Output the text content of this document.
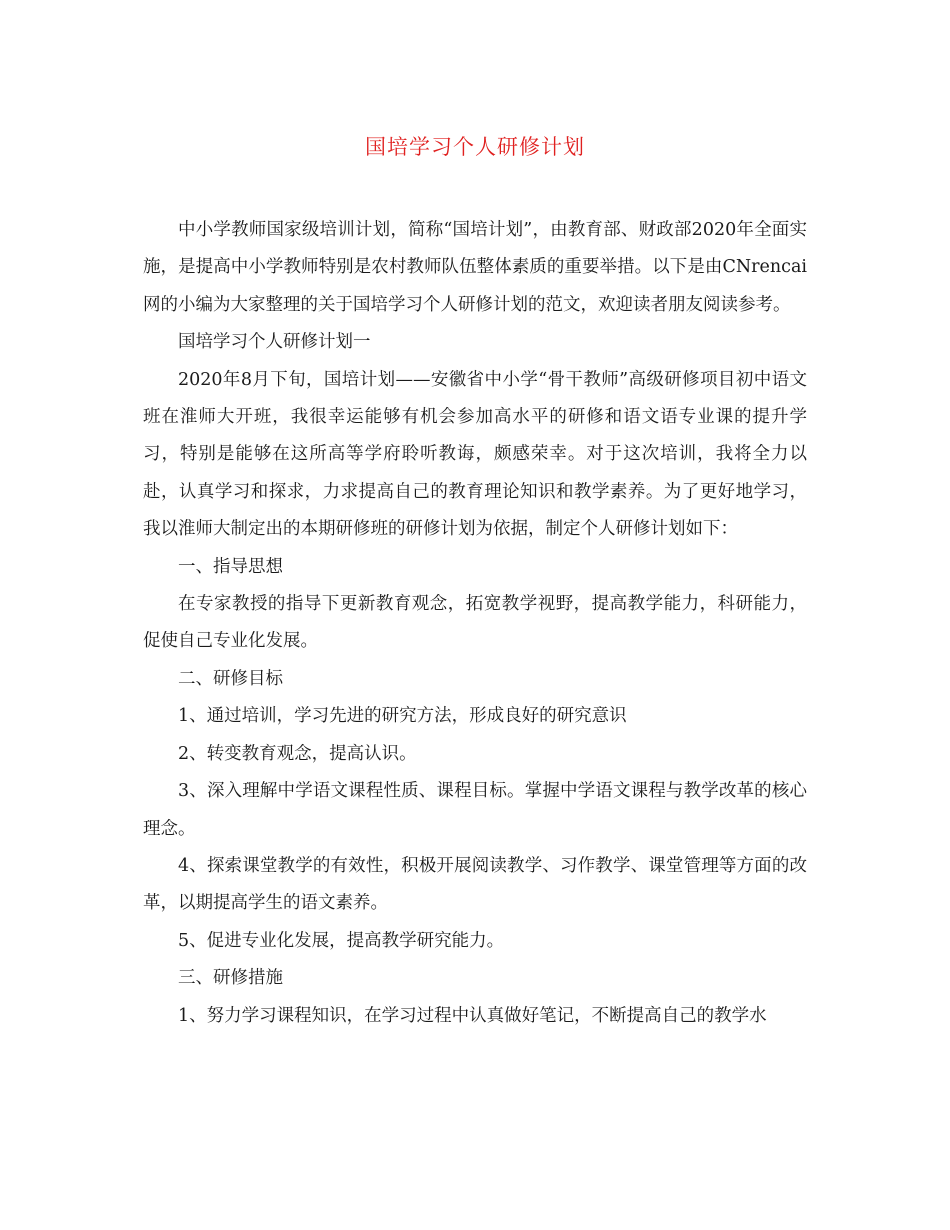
国培学习个人研修计划

中小学教师国家级培训计划，简称“国培计划”，由教育部、财政部2020年全面实施，是提高中小学教师特别是农村教师队伍整体素质的重要举措。以下是由CNrencai网的小编为大家整理的关于国培学习个人研修计划的范文，欢迎读者朋友阅读参考。

国培学习个人研修计划一

2020年8月下旬，国培计划——安徽省中小学“骨干教师”高级研修项目初中语文班在淮师大开班，我很幸运能够有机会参加高水平的研修和语文语专业课的提升学习，特别是能够在这所高等学府聆听教诲，颇感荣幸。对于这次培训，我将全力以赴，认真学习和探求，力求提高自己的教育理论知识和教学素养。为了更好地学习，我以淮师大制定出的本期研修班的研修计划为依据，制定个人研修计划如下：

一、指导思想

在专家教授的指导下更新教育观念，拓宽教学视野，提高教学能力，科研能力，促使自己专业化发展。

二、研修目标

1、通过培训，学习先进的研究方法，形成良好的研究意识

2、转变教育观念，提高认识。

3、深入理解中学语文课程性质、课程目标。掌握中学语文课程与教学改革的核心理念。

4、探索课堂教学的有效性，积极开展阅读教学、习作教学、课堂管理等方面的改革，以期提高学生的语文素养。

5、促进专业化发展，提高教学研究能力。

三、研修措施

1、努力学习课程知识，在学习过程中认真做好笔记，不断提高自己的教学水
